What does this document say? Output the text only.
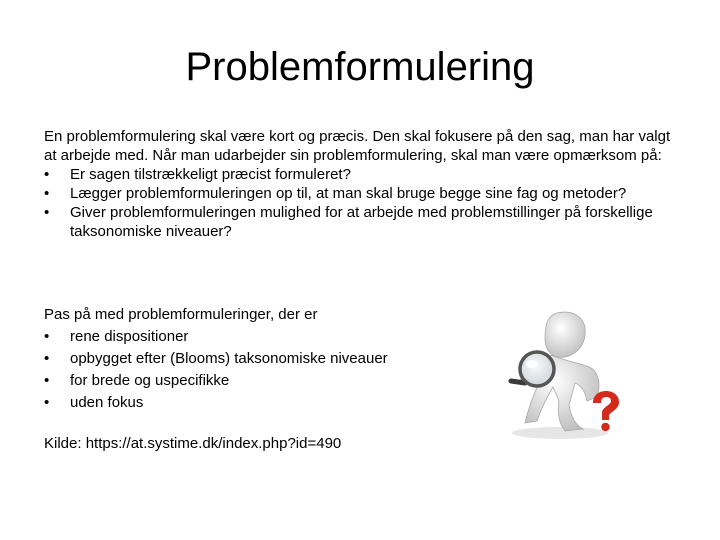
Problemformulering

En problemformulering skal være kort og præcis. Den skal fokusere på den sag, man har valgt at arbejde med. Når man udarbejder sin problemformulering, skal man være opmærksom på:

•	Er sagen tilstrækkeligt præcist formuleret?
•	Lægger problemformuleringen op til, at man skal bruge begge sine fag og metoder?
•	Giver problemformuleringen mulighed for at arbejde med problemstillinger på forskellige taksonomiske niveauer?

Pas på med problemformuleringer, der er

•	rene dispositioner
•	opbygget efter (Blooms) taksonomiske niveauer
•	for brede og uspecifikke
•	uden fokus

Kilde: https://at.systime.dk/index.php?id=490
